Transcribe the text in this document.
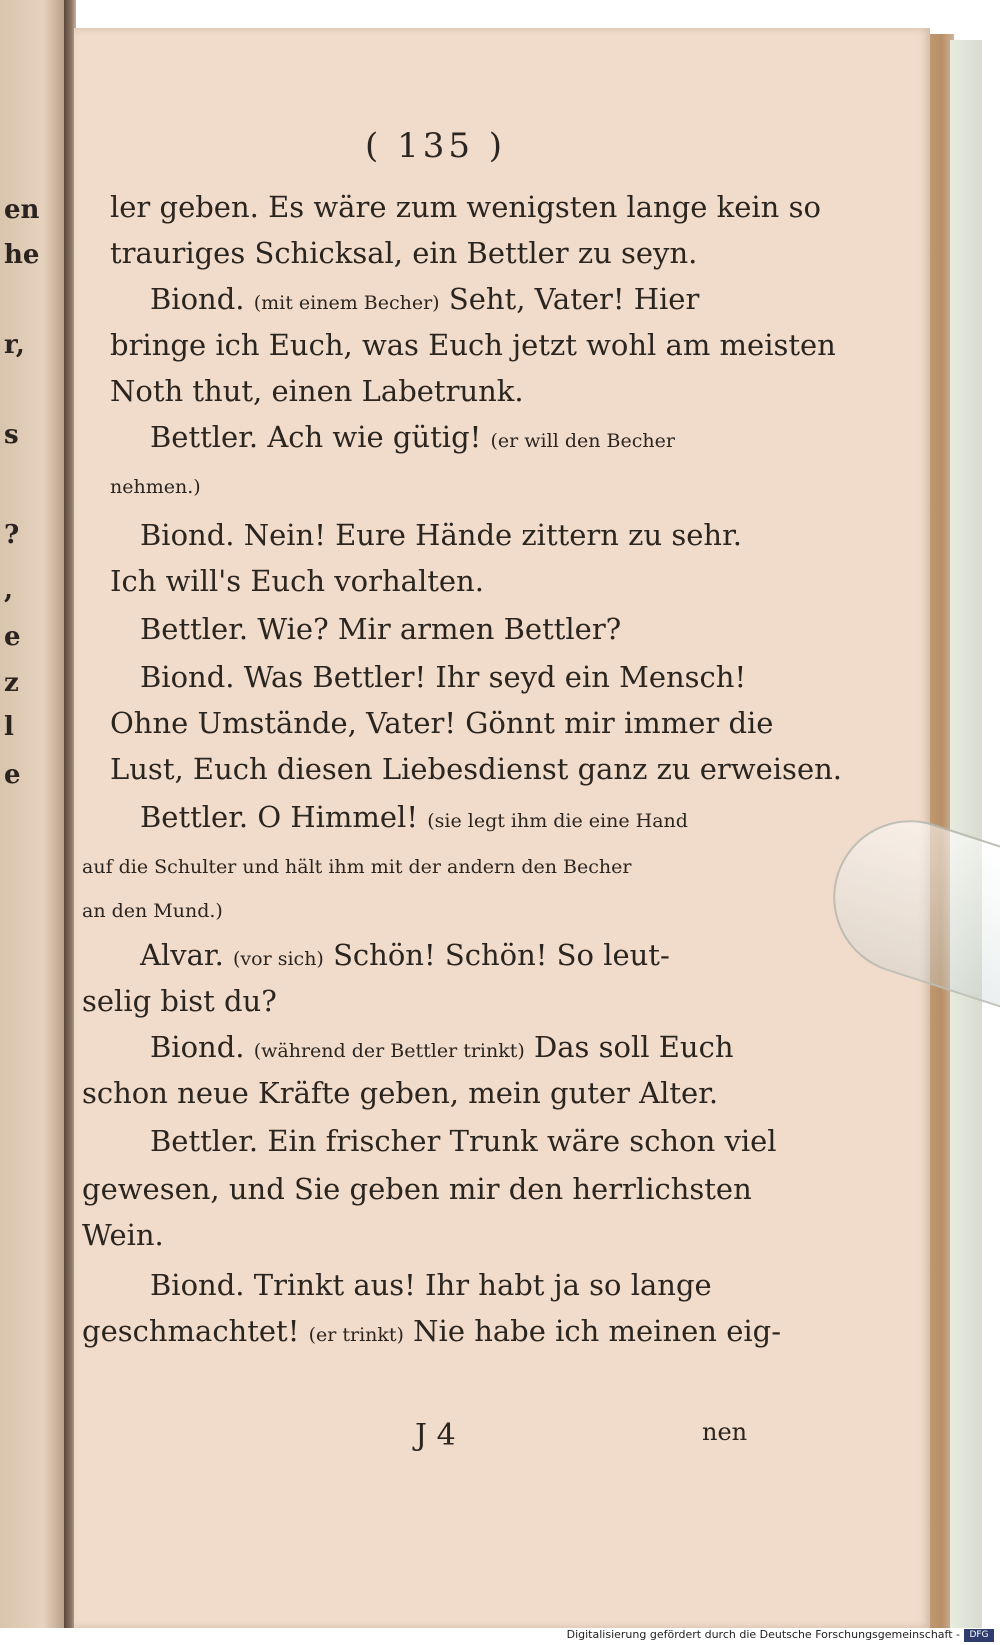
en
he
r,
s
?
,
e
z
l
e
( 135 )
ler geben. Es wäre zum wenigsten lange kein so
trauriges Schicksal, ein Bettler zu seyn.
Biond. (mit einem Becher) Seht, Vater! Hier
bringe ich Euch, was Euch jetzt wohl am meisten
Noth thut, einen Labetrunk.
Bettler. Ach wie gütig! (er will den Becher
nehmen.)
Biond. Nein! Eure Hände zittern zu sehr.
Ich will's Euch vorhalten.
Bettler. Wie? Mir armen Bettler?
Biond. Was Bettler! Ihr seyd ein Mensch!
Ohne Umstände, Vater! Gönnt mir immer die
Lust, Euch diesen Liebesdienst ganz zu erweisen.
Bettler. O Himmel! (sie legt ihm die eine Hand
auf die Schulter und hält ihm mit der andern den Becher
an den Mund.)
Alvar. (vor sich) Schön! Schön! So leut-
selig bist du?
Biond. (während der Bettler trinkt) Das soll Euch
schon neue Kräfte geben, mein guter Alter.
Bettler. Ein frischer Trunk wäre schon viel
gewesen, und Sie geben mir den herrlichsten
Wein.
Biond. Trinkt aus! Ihr habt ja so lange
geschmachtet! (er trinkt) Nie habe ich meinen eig-
J 4	nen
Digitalisierung gefördert durch die Deutsche Forschungsgemeinschaft -	DFG
